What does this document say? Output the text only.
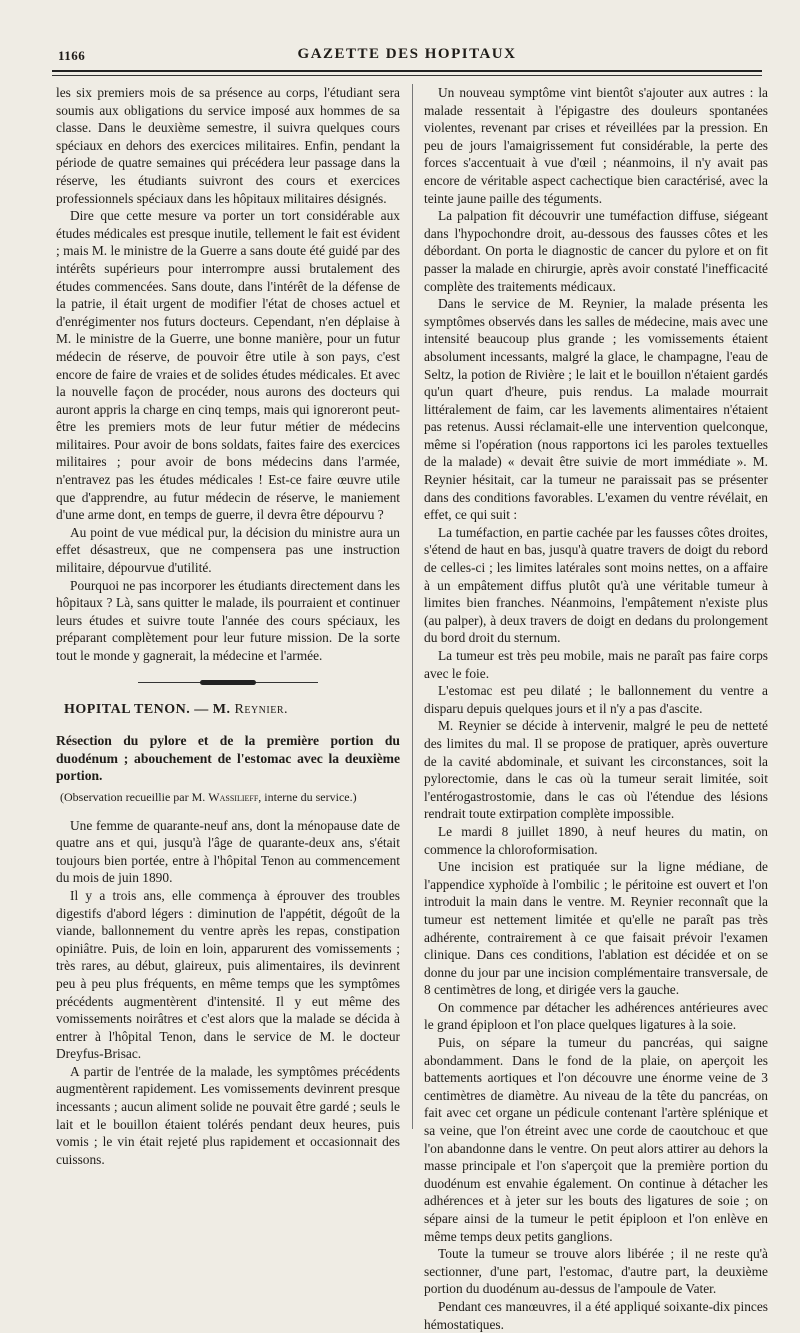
1166	GAZETTE DES HOPITAUX

les six premiers mois de sa présence au corps, l'étudiant sera soumis aux obligations du service imposé aux hommes de sa classe. Dans le deuxième semestre, il suivra quelques cours spéciaux en dehors des exercices militaires. Enfin, pendant la période de quatre semaines qui précédera leur passage dans la réserve, les étudiants suivront des cours et exercices professionnels spéciaux dans les hôpitaux militaires désignés.

Dire que cette mesure va porter un tort considérable aux études médicales est presque inutile, tellement le fait est évident ; mais M. le ministre de la Guerre a sans doute été guidé par des intérêts supérieurs pour interrompre aussi brutalement des études commencées. Sans doute, dans l'intérêt de la défense de la patrie, il était urgent de modifier l'état de choses actuel et d'enrégimenter nos futurs docteurs. Cependant, n'en déplaise à M. le ministre de la Guerre, une bonne manière, pour un futur médecin de réserve, de pouvoir être utile à son pays, c'est encore de faire de vraies et de solides études médicales. Et avec la nouvelle façon de procéder, nous aurons des docteurs qui auront appris la charge en cinq temps, mais qui ignoreront peut-être les premiers mots de leur futur métier de médecins militaires. Pour avoir de bons soldats, faites faire des exercices militaires ; pour avoir de bons médecins dans l'armée, n'entravez pas les études médicales ! Est-ce faire œuvre utile que d'apprendre, au futur médecin de réserve, le maniement d'une arme dont, en temps de guerre, il devra être dépourvu ?

Au point de vue médical pur, la décision du ministre aura un effet désastreux, que ne compensera pas une instruction militaire, dépourvue d'utilité.

Pourquoi ne pas incorporer les étudiants directement dans les hôpitaux ? Là, sans quitter le malade, ils pourraient et continuer leurs études et suivre toute l'année des cours spéciaux, les préparant complètement pour leur future mission. De la sorte tout le monde y gagnerait, la médecine et l'armée.

HOPITAL TENON. — M. Reynier.

Résection du pylore et de la première portion du duodénum ; abouchement de l'estomac avec la deuxième portion.

(Observation recueillie par M. Wassilieff, interne du service.)

Une femme de quarante-neuf ans, dont la ménopause date de quatre ans et qui, jusqu'à l'âge de quarante-deux ans, s'était toujours bien portée, entre à l'hôpital Tenon au commencement du mois de juin 1890.

Il y a trois ans, elle commença à éprouver des troubles digestifs d'abord légers : diminution de l'appétit, dégoût de la viande, ballonnement du ventre après les repas, constipation opiniâtre. Puis, de loin en loin, apparurent des vomissements ; très rares, au début, glaireux, puis alimentaires, ils devinrent peu à peu plus fréquents, en même temps que les symptômes précédents augmentèrent d'intensité. Il y eut même des vomissements noirâtres et c'est alors que la malade se décida à entrer à l'hôpital Tenon, dans le service de M. le docteur Dreyfus-Brisac.

A partir de l'entrée de la malade, les symptômes précédents augmentèrent rapidement. Les vomissements devinrent presque incessants ; aucun aliment solide ne pouvait être gardé ; seuls le lait et le bouillon étaient tolérés pendant deux heures, puis vomis ; le vin était rejeté plus rapidement et occasionnait des cuissons.

Un nouveau symptôme vint bientôt s'ajouter aux autres : la malade ressentait à l'épigastre des douleurs spontanées violentes, revenant par crises et réveillées par la pression. En peu de jours l'amaigrissement fut considérable, la perte des forces s'accentuait à vue d'œil ; néanmoins, il n'y avait pas encore de véritable aspect cachectique bien caractérisé, avec la teinte jaune paille des téguments.

La palpation fit découvrir une tuméfaction diffuse, siégeant dans l'hypochondre droit, au-dessous des fausses côtes et les débordant. On porta le diagnostic de cancer du pylore et on fit passer la malade en chirurgie, après avoir constaté l'inefficacité complète des traitements médicaux.

Dans le service de M. Reynier, la malade présenta les symptômes observés dans les salles de médecine, mais avec une intensité beaucoup plus grande ; les vomissements étaient absolument incessants, malgré la glace, le champagne, l'eau de Seltz, la potion de Rivière ; le lait et le bouillon n'étaient gardés qu'un quart d'heure, puis rendus. La malade mourrait littéralement de faim, car les lavements alimentaires n'étaient pas retenus. Aussi réclamait-elle une intervention quelconque, même si l'opération (nous rapportons ici les paroles textuelles de la malade) « devait être suivie de mort immédiate ». M. Reynier hésitait, car la tumeur ne paraissait pas se présenter dans des conditions favorables. L'examen du ventre révélait, en effet, ce qui suit :

La tuméfaction, en partie cachée par les fausses côtes droites, s'étend de haut en bas, jusqu'à quatre travers de doigt du rebord de celles-ci ; les limites latérales sont moins nettes, on a affaire à un empâtement diffus plutôt qu'à une véritable tumeur à limites bien franches. Néanmoins, l'empâtement n'existe plus (au palper), à deux travers de doigt en dedans du prolongement du bord droit du sternum.

La tumeur est très peu mobile, mais ne paraît pas faire corps avec le foie.

L'estomac est peu dilaté ; le ballonnement du ventre a disparu depuis quelques jours et il n'y a pas d'ascite.

M. Reynier se décide à intervenir, malgré le peu de netteté des limites du mal. Il se propose de pratiquer, après ouverture de la cavité abdominale, et suivant les circonstances, soit la pylorectomie, dans le cas où la tumeur serait limitée, soit l'entérogastrostomie, dans le cas où l'étendue des lésions rendrait toute extirpation complète impossible.

Le mardi 8 juillet 1890, à neuf heures du matin, on commence la chloroformisation.

Une incision est pratiquée sur la ligne médiane, de l'appendice xyphoïde à l'ombilic ; le péritoine est ouvert et l'on introduit la main dans le ventre. M. Reynier reconnaît que la tumeur est nettement limitée et qu'elle ne paraît pas très adhérente, contrairement à ce que faisait prévoir l'examen clinique. Dans ces conditions, l'ablation est décidée et on se donne du jour par une incision complémentaire transversale, de 8 centimètres de long, et dirigée vers la gauche.

On commence par détacher les adhérences antérieures avec le grand épiploon et l'on place quelques ligatures à la soie.

Puis, on sépare la tumeur du pancréas, qui saigne abondamment. Dans le fond de la plaie, on aperçoit les battements aortiques et l'on découvre une énorme veine de 3 centimètres de diamètre. Au niveau de la tête du pancréas, on fait avec cet organe un pédicule contenant l'artère splénique et sa veine, que l'on étreint avec une corde de caoutchouc et que l'on abandonne dans le ventre. On peut alors attirer au dehors la masse principale et l'on s'aperçoit que la première portion du duodénum est envahie également. On continue à détacher les adhérences et à jeter sur les bouts des ligatures de soie ; on sépare ainsi de la tumeur le petit épiploon et l'on enlève en même temps deux petits ganglions.

Toute la tumeur se trouve alors libérée ; il ne reste qu'à sectionner, d'une part, l'estomac, d'autre part, la deuxième portion du duodénum au-dessus de l'ampoule de Vater.

Pendant ces manœuvres, il a été appliqué soixante-dix pinces hémostatiques.
